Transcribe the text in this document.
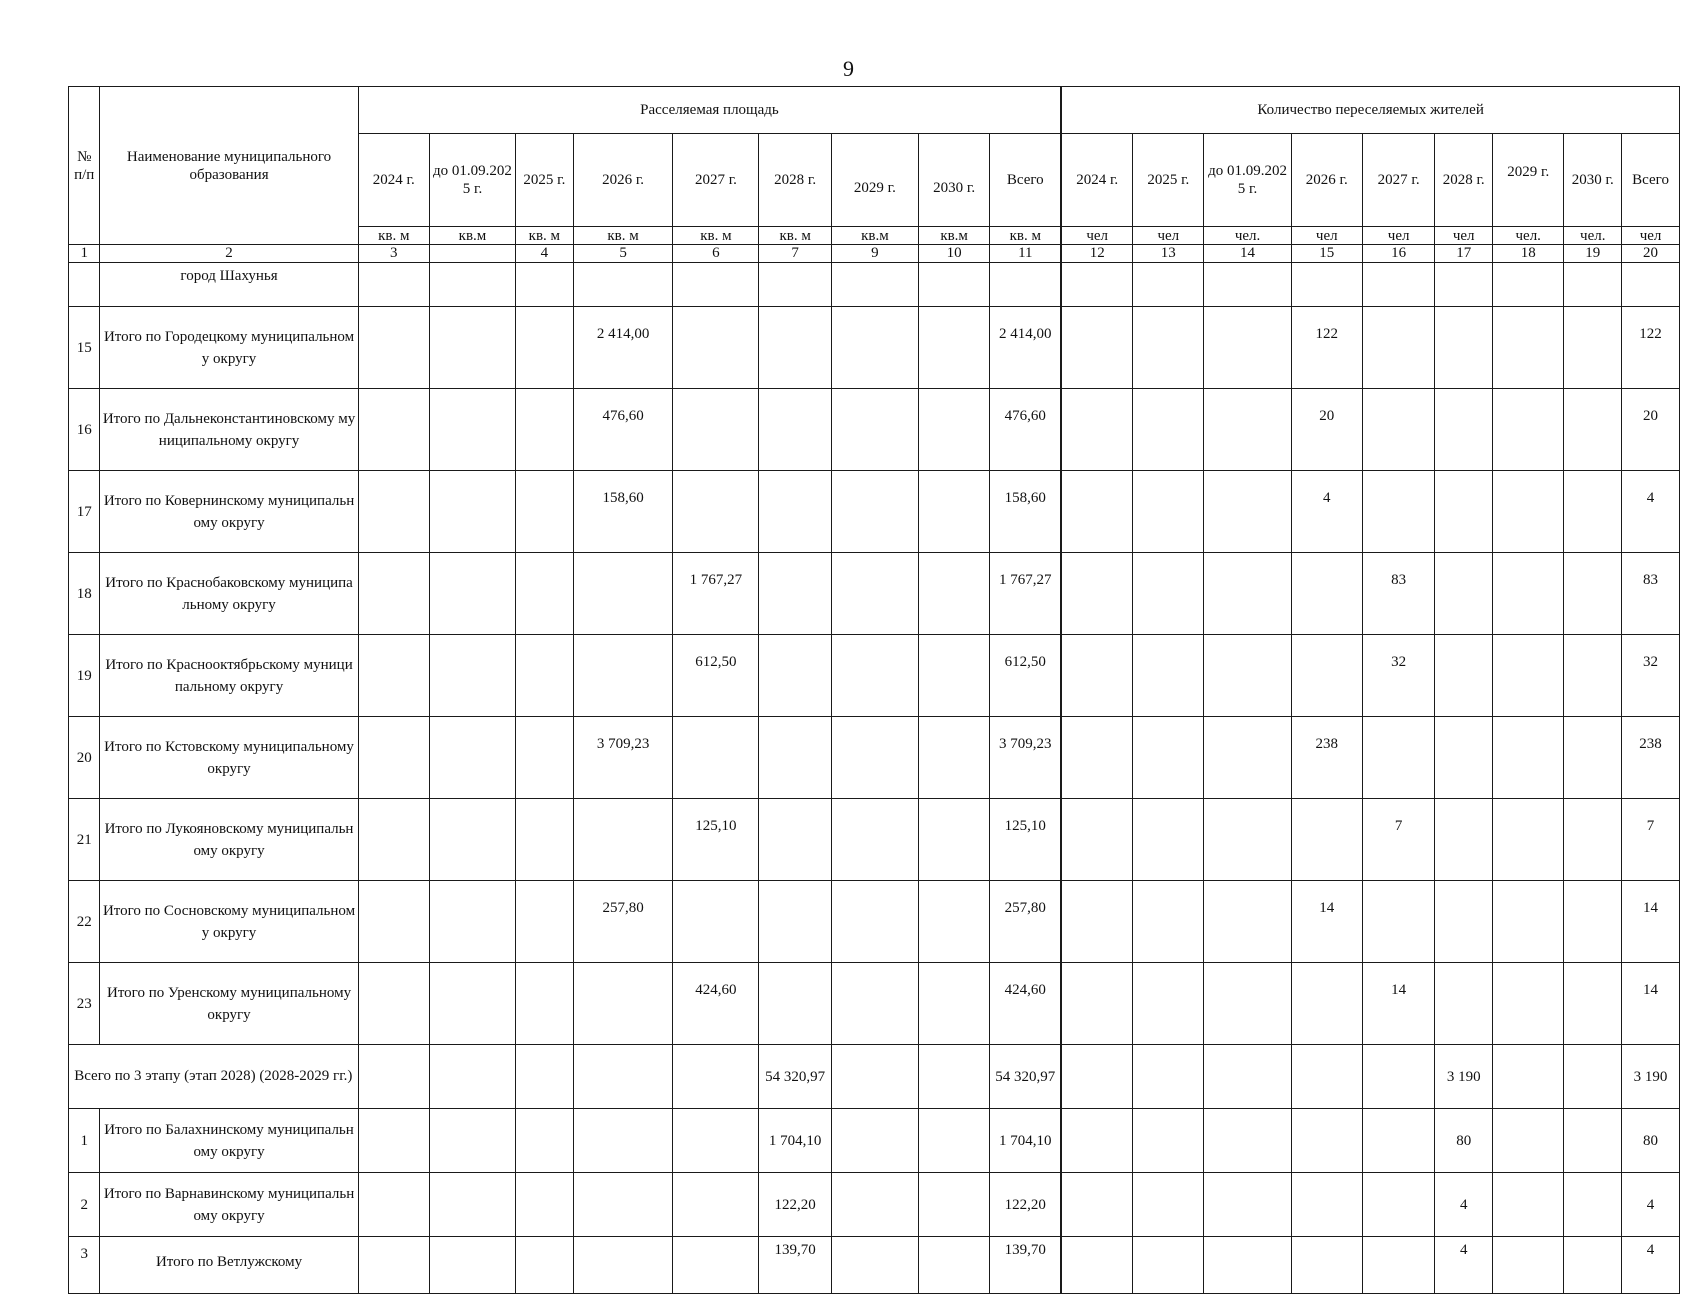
9
№ п/п	Наименование муниципального образования	Расселяемая площадь									Количество переселяемых жителей								
		2024 г.	до 01.09.2025 г.	2025 г.	2026 г.	2027 г.	2028 г.	2029 г.	2030 г.	Всего	2024 г.	2025 г.	до 01.09.2025 г.	2026 г.	2027 г.	2028 г.	2029 г.	2030 г.	Всего
		кв. м	кв.м	кв. м	кв. м	кв. м	кв. м	кв.м	кв.м	кв. м	чел	чел	чел.	чел	чел	чел	чел.	чел.	чел
1	2	3		4	5	6	7	9	10	11	12	13	14	15	16	17	18	19	20
	город Шахунья																		
15	Итого по Городецкому муниципальному округу				2 414,00					2 414,00				122					122
16	Итого по Дальнеконстантиновскому муниципальному округу				476,60					476,60				20					20
17	Итого по Ковернинскому муниципальному округу				158,60					158,60				4					4
18	Итого по Краснобаковскому муниципальному округу					1 767,27				1 767,27					83				83
19	Итого по Краснооктябрьскому муниципальному округу					612,50				612,50					32				32
20	Итого по Кстовскому муниципальному округу				3 709,23					3 709,23				238					238
21	Итого по Лукояновскому муниципальному округу					125,10				125,10					7				7
22	Итого по Сосновскому муниципальному округу				257,80					257,80				14					14
23	Итого по Уренскому муниципальному округу					424,60				424,60					14				14
Всего по 3 этапу (этап 2028) (2028-2029 гг.)							54 320,97			54 320,97						3 190			3 190
1	Итого по Балахнинскому муниципальному округу						1 704,10			1 704,10						80			80
2	Итого по Варнавинскому муниципальному округу						122,20			122,20						4			4
3	Итого по Ветлужскому						139,70			139,70						4			4
